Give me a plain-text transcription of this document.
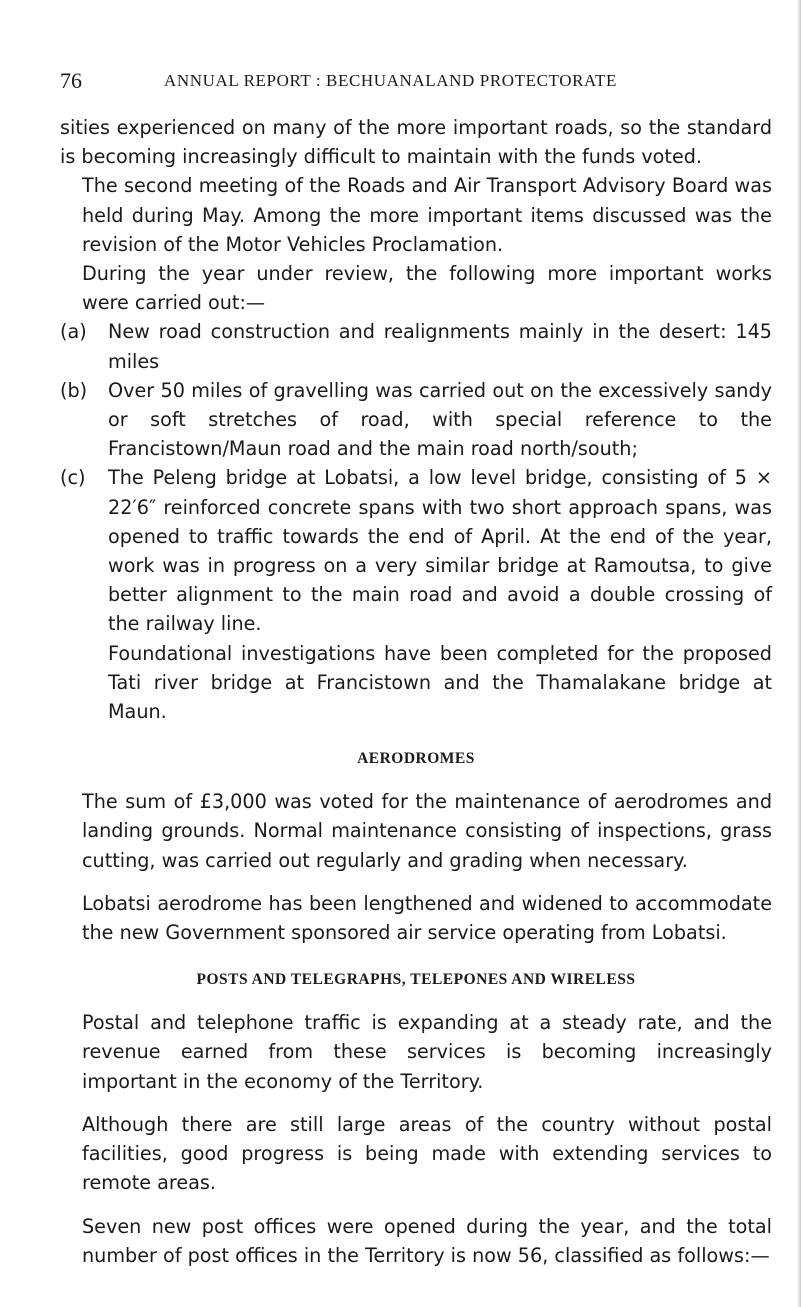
76	ANNUAL REPORT : BECHUANALAND PROTECTORATE

sities experienced on many of the more important roads, so the standard is becoming increasingly difficult to maintain with the funds voted.

The second meeting of the Roads and Air Transport Advisory Board was held during May. Among the more important items discussed was the revision of the Motor Vehicles Proclamation.

During the year under review, the following more important works were carried out:—

(a)	New road construction and realignments mainly in the desert: 145 miles
(b)	Over 50 miles of gravelling was carried out on the excessively sandy or soft stretches of road, with special reference to the Francistown/Maun road and the main road north/south;
(c)	The Peleng bridge at Lobatsi, a low level bridge, consisting of 5 × 22′6″ reinforced concrete spans with two short approach spans, was opened to traffic towards the end of April. At the end of the year, work was in progress on a very similar bridge at Ramoutsa, to give better alignment to the main road and avoid a double crossing of the railway line.
Foundational investigations have been completed for the proposed Tati river bridge at Francistown and the Thamalakane bridge at Maun.
AERODROMES

The sum of £3,000 was voted for the maintenance of aerodromes and landing grounds. Normal maintenance consisting of inspections, grass cutting, was carried out regularly and grading when necessary.

Lobatsi aerodrome has been lengthened and widened to accommodate the new Government sponsored air service operating from Lobatsi.

POSTS AND TELEGRAPHS, TELEPONES AND WIRELESS

Postal and telephone traffic is expanding at a steady rate, and the revenue earned from these services is becoming increasingly important in the economy of the Territory.

Although there are still large areas of the country without postal facilities, good progress is being made with extending services to remote areas.

Seven new post offices were opened during the year, and the total number of post offices in the Territory is now 56, classified as follows:—
